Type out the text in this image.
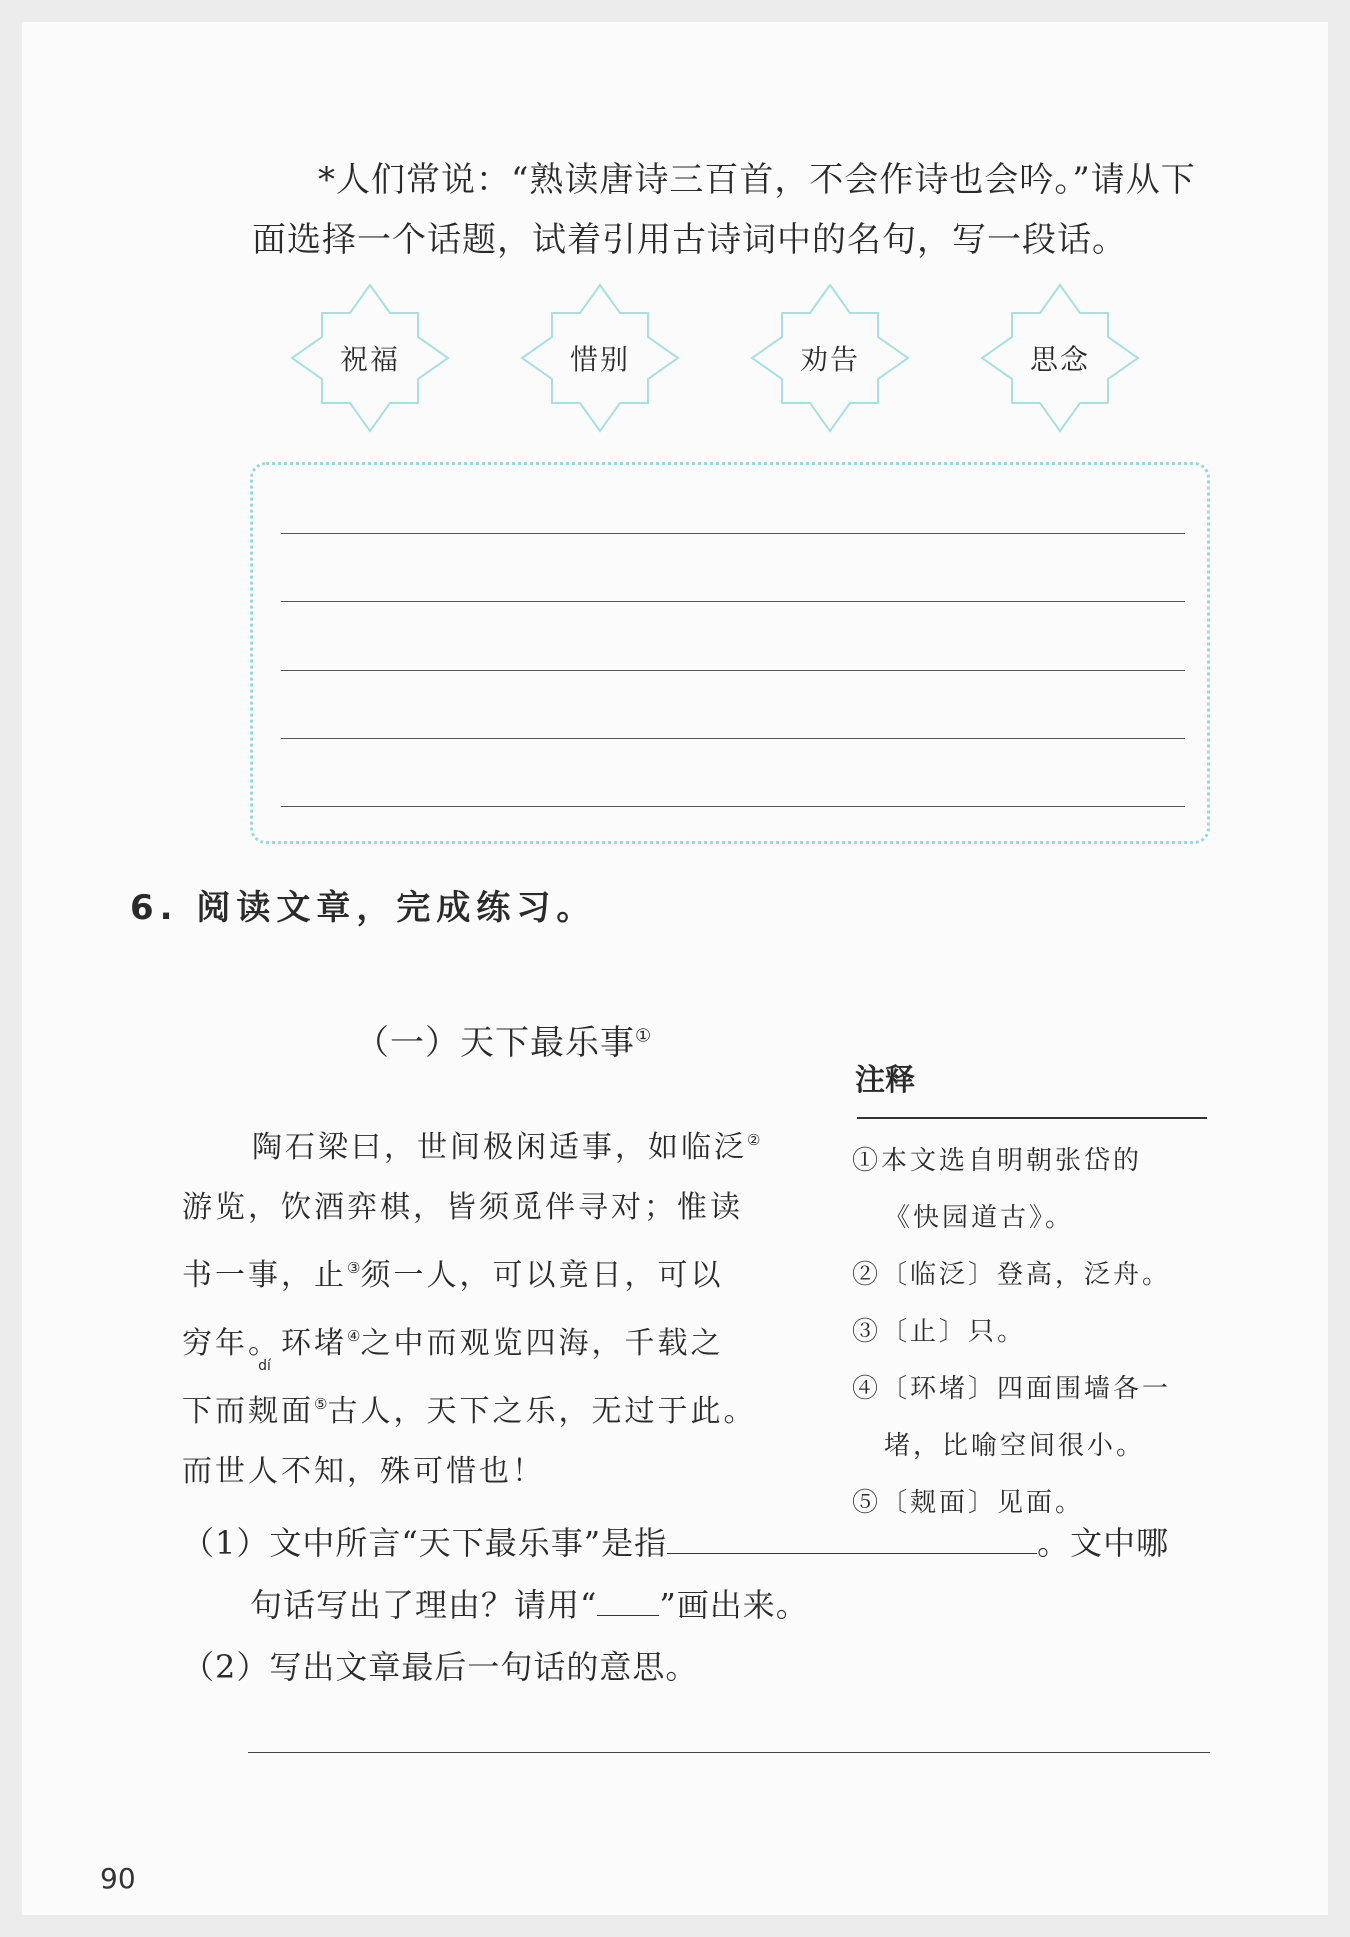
*人们常说：“熟读唐诗三百首，不会作诗也会吟。”请从下
面选择一个话题，试着引用古诗词中的名句，写一段话。
祝福	惜别	劝告	思念
6. 阅读文章，完成练习。
（一）天下最乐事①

陶石梁曰，世间极闲适事，如临泛②

游览，饮酒弈棋，皆须觅伴寻对；惟读

书一事，止③须一人，可以竟日，可以

穷年。环堵④之中而观览四海，千载之

下而觌
dí
面⑤古人，天下之乐，无过于此。

而世人不知，殊可惜也！

注释
①本文选自明朝张岱的
《快园道古》。
②〔临泛〕登高，泛舟。
③〔止〕只。
④〔环堵〕四面围墙各一
堵，比喻空间很小。
⑤〔觌面〕见面。
（1）文中所言“天下最乐事”是指	。文中哪
句话写出了理由？请用“ ”画出来。
（2）写出文章最后一句话的意思。
90
